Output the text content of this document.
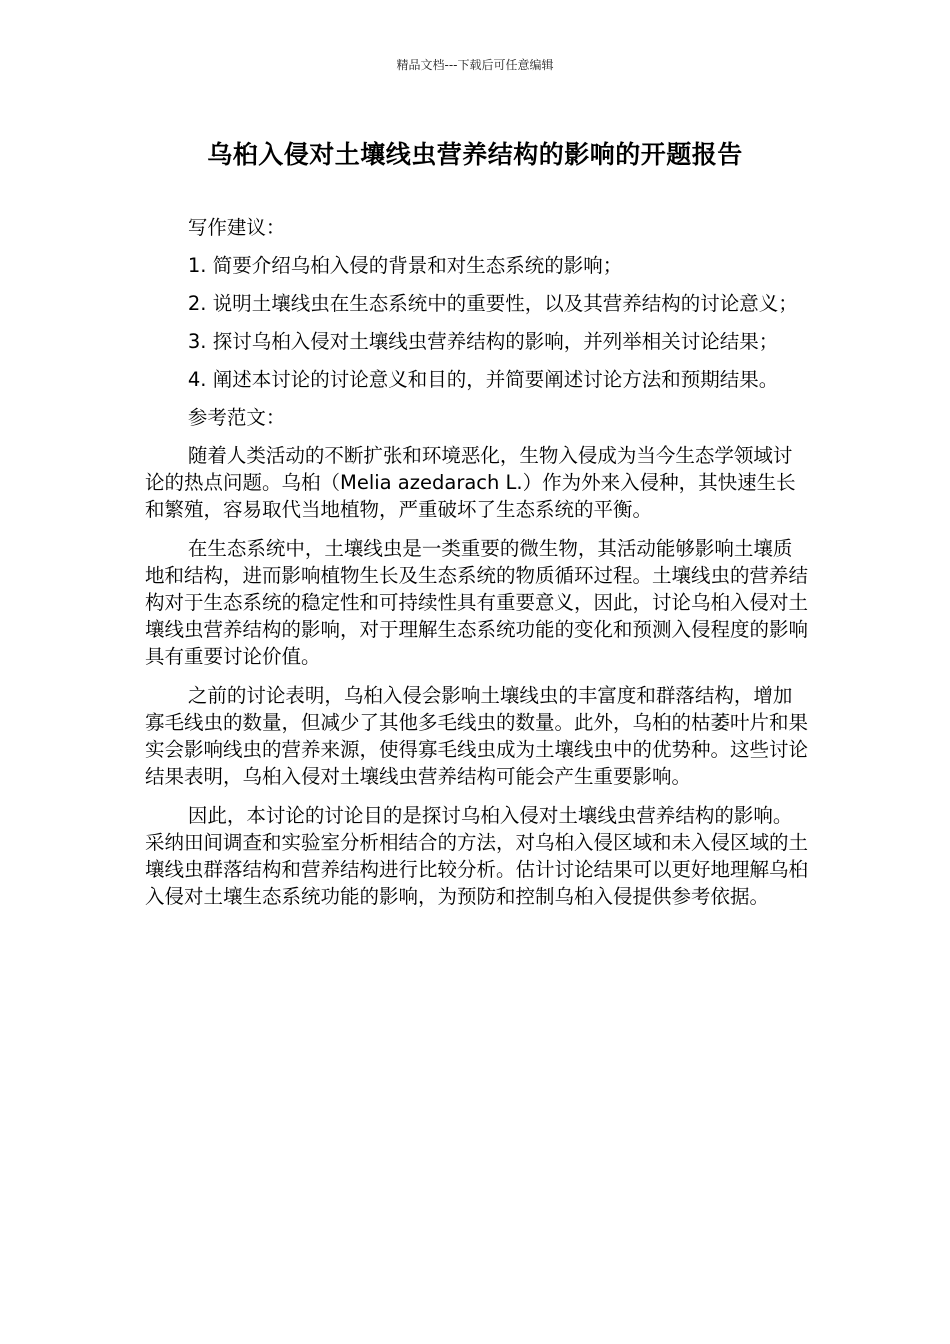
精品文档---下载后可任意编辑
乌桕入侵对土壤线虫营养结构的影响的开题报告

写作建议：

1. 简要介绍乌桕入侵的背景和对生态系统的影响；

2. 说明土壤线虫在生态系统中的重要性，以及其营养结构的讨论意义；

3. 探讨乌桕入侵对土壤线虫营养结构的影响，并列举相关讨论结果；

4. 阐述本讨论的讨论意义和目的，并简要阐述讨论方法和预期结果。

参考范文：

随着人类活动的不断扩张和环境恶化，生物入侵成为当今生态学领域讨论的热点问题。乌桕（Melia azedarach L.）作为外来入侵种，其快速生长和繁殖，容易取代当地植物，严重破坏了生态系统的平衡。

在生态系统中，土壤线虫是一类重要的微生物，其活动能够影响土壤质地和结构，进而影响植物生长及生态系统的物质循环过程。土壤线虫的营养结构对于生态系统的稳定性和可持续性具有重要意义，因此，讨论乌桕入侵对土壤线虫营养结构的影响，对于理解生态系统功能的变化和预测入侵程度的影响具有重要讨论价值。

之前的讨论表明，乌桕入侵会影响土壤线虫的丰富度和群落结构，增加寡毛线虫的数量，但减少了其他多毛线虫的数量。此外，乌桕的枯萎叶片和果实会影响线虫的营养来源，使得寡毛线虫成为土壤线虫中的优势种。这些讨论结果表明，乌桕入侵对土壤线虫营养结构可能会产生重要影响。

因此，本讨论的讨论目的是探讨乌桕入侵对土壤线虫营养结构的影响。采纳田间调查和实验室分析相结合的方法，对乌桕入侵区域和未入侵区域的土壤线虫群落结构和营养结构进行比较分析。估计讨论结果可以更好地理解乌桕入侵对土壤生态系统功能的影响，为预防和控制乌桕入侵提供参考依据。
